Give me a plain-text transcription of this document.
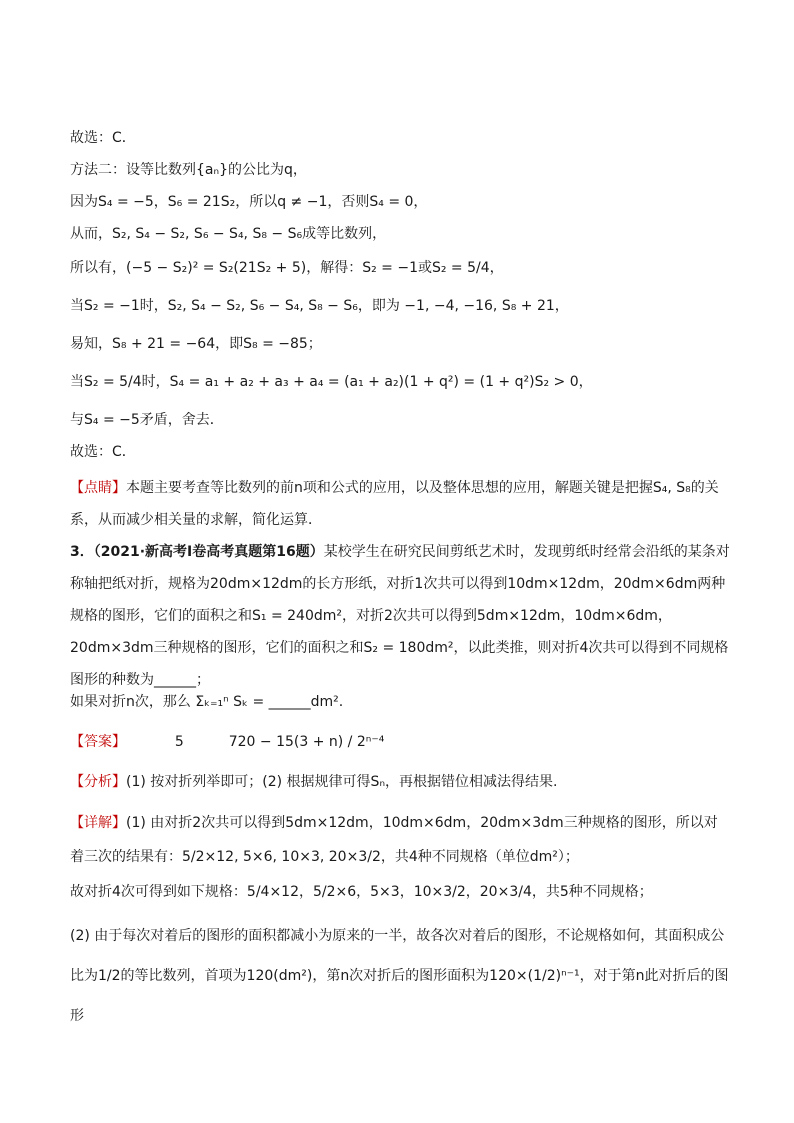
故选：C．
方法二：设等比数列{aₙ}的公比为q，
因为S₄ = −5，S₆ = 21S₂，所以q ≠ −1，否则S₄ = 0，
从而，S₂, S₄ − S₂, S₆ − S₄, S₈ − S₆成等比数列，
所以有，(−5 − S₂)² = S₂(21S₂ + 5)，解得：S₂ = −1或S₂ = 5/4，
当S₂ = −1时，S₂, S₄ − S₂, S₆ − S₄, S₈ − S₆，即为 −1, −4, −16, S₈ + 21，
易知，S₈ + 21 = −64，即S₈ = −85；
当S₂ = 5/4时，S₄ = a₁ + a₂ + a₃ + a₄ = (a₁ + a₂)(1 + q²) = (1 + q²)S₂ > 0，
与S₄ = −5矛盾，舍去．
故选：C．
【点睛】本题主要考查等比数列的前n项和公式的应用，以及整体思想的应用，解题关键是把握S₄, S₈的关系，从而减少相关量的求解，简化运算．
3．（2021·新高考Ⅰ卷高考真题第16题）某校学生在研究民间剪纸艺术时，发现剪纸时经常会沿纸的某条对称轴把纸对折，规格为20dm×12dm的长方形纸，对折1次共可以得到10dm×12dm，20dm×6dm两种规格的图形，它们的面积之和S₁ = 240dm²，对折2次共可以得到5dm×12dm，10dm×6dm，20dm×3dm三种规格的图形，它们的面积之和S₂ = 180dm²，以此类推，则对折4次共可以得到不同规格图形的种数为______；
如果对折n次，那么 Σₖ₌₁ⁿ Sₖ = ______dm².
【答案】	5	720 − 15(3 + n) / 2ⁿ⁻⁴
【分析】(1) 按对折列举即可；(2) 根据规律可得Sₙ，再根据错位相减法得结果.
【详解】(1) 由对折2次共可以得到5dm×12dm，10dm×6dm，20dm×3dm三种规格的图形，所以对着三次的结果有：5/2×12, 5×6, 10×3, 20×3/2，共4种不同规格（单位dm²）；
故对折4次可得到如下规格：5/4×12，5/2×6，5×3，10×3/2，20×3/4，共5种不同规格；
(2) 由于每次对着后的图形的面积都减小为原来的一半，故各次对着后的图形，不论规格如何，其面积成公比为1/2的等比数列，首项为120(dm²)，第n次对折后的图形面积为120×(1/2)ⁿ⁻¹，对于第n此对折后的图形
